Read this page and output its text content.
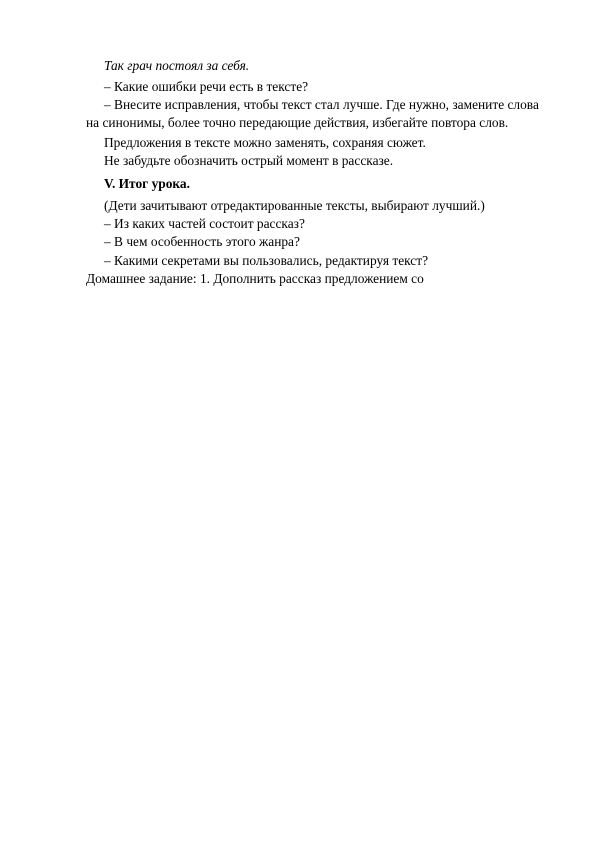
Так грач постоял за себя.
– Какие ошибки речи есть в тексте?
– Внесите исправления, чтобы текст стал лучше. Где нужно, замените слова
на синонимы, более точно передающие действия, избегайте повтора слов.
Предложения в тексте можно заменять, сохраняя сюжет.
Не забудьте обозначить острый момент в рассказе.
V. Итог урока.
(Дети зачитывают отредактированные тексты, выбирают лучший.)
– Из каких частей состоит рассказ?
– В чем особенность этого жанра?
– Какими секретами вы пользовались, редактируя текст?
Домашнее задание: 1. Дополнить рассказ предложением со
